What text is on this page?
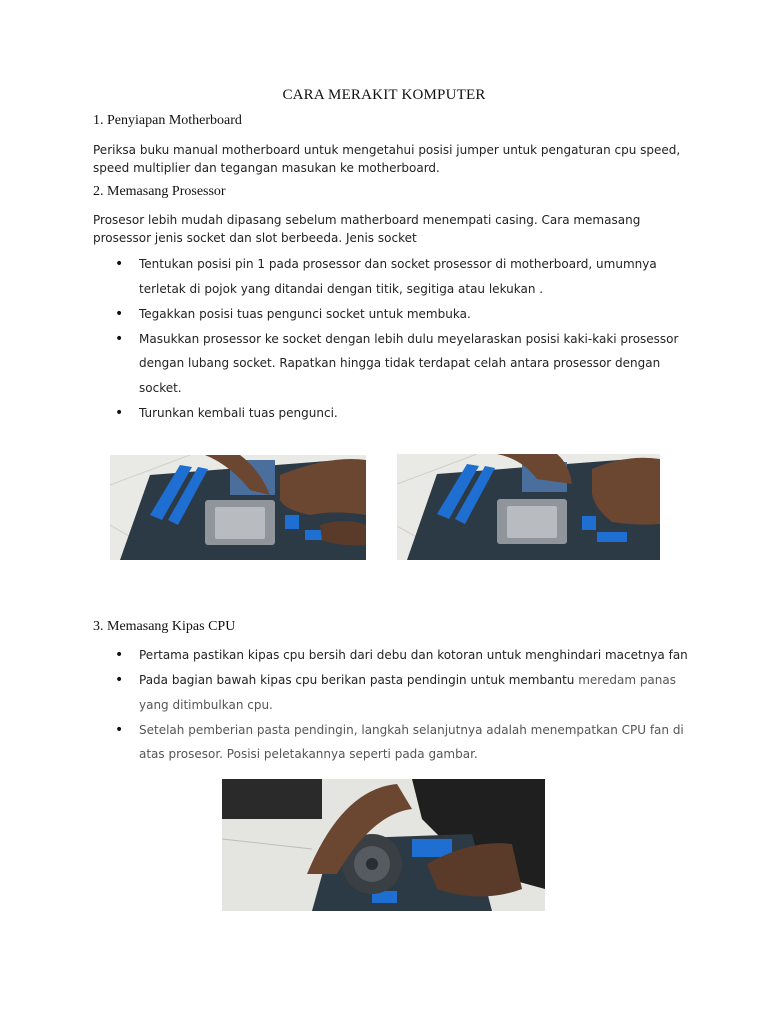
CARA MERAKIT KOMPUTER
1. Penyiapan Motherboard
Periksa buku manual motherboard untuk mengetahui posisi jumper untuk pengaturan cpu speed, speed multiplier dan tegangan masukan ke motherboard.
2. Memasang Prosessor
Prosesor lebih mudah dipasang sebelum matherboard menempati casing. Cara memasang prosessor jenis socket dan slot berbeeda. Jenis socket
• Tentukan posisi pin 1 pada prosessor dan socket prosessor di motherboard, umumnya terletak di pojok yang ditandai dengan titik, segitiga atau lekukan .
• Tegakkan posisi tuas pengunci socket untuk membuka.
• Masukkan prosessor ke socket dengan lebih dulu meyelaraskan posisi kaki-kaki prosessor dengan lubang socket. Rapatkan hingga tidak terdapat celah antara prosessor dengan socket.
• Turunkan kembali tuas pengunci.
3. Memasang Kipas CPU
• Pertama pastikan kipas cpu bersih dari debu dan kotoran untuk menghindari macetnya fan
• Pada bagian bawah kipas cpu berikan pasta pendingin untuk membantu meredam panas
yang ditimbulkan cpu.
• Setelah pemberian pasta pendingin, langkah selanjutnya adalah menempatkan CPU fan di atas prosesor. Posisi peletakannya seperti pada gambar.
